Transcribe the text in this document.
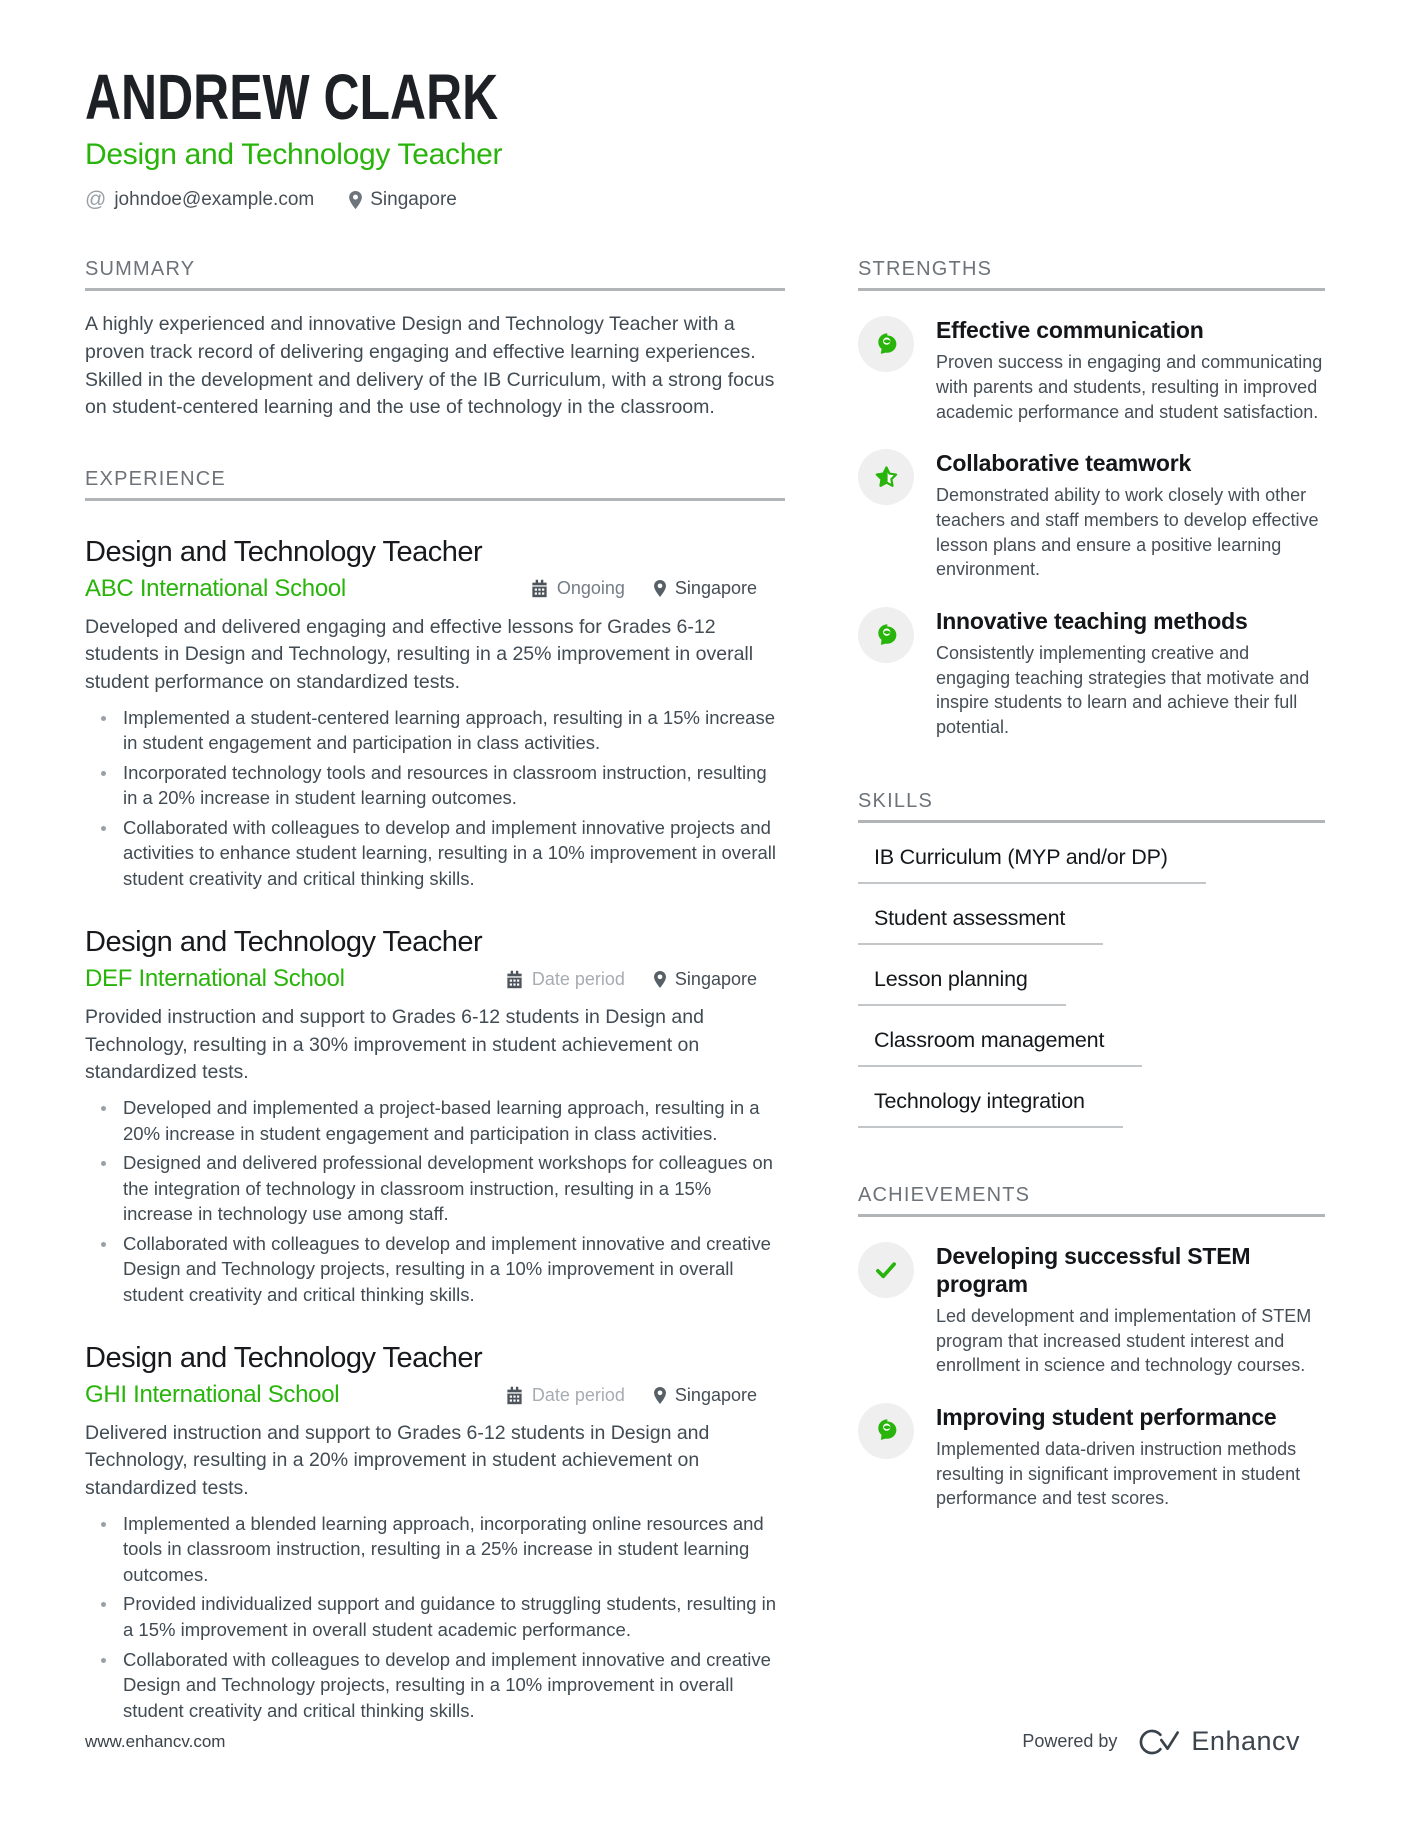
ANDREW CLARK
Design and Technology Teacher
@ johndoe@example.com	Singapore
SUMMARY
A highly experienced and innovative Design and Technology Teacher with a proven track record of delivering engaging and effective learning experiences. Skilled in the development and delivery of the IB Curriculum, with a strong focus on student-centered learning and the use of technology in the classroom.
EXPERIENCE
Design and Technology Teacher
ABC International School	Ongoing	Singapore
Developed and delivered engaging and effective lessons for Grades 6-12 students in Design and Technology, resulting in a 25% improvement in overall student performance on standardized tests.
Implemented a student-centered learning approach, resulting in a 15% increase in student engagement and participation in class activities.
Incorporated technology tools and resources in classroom instruction, resulting in a 20% increase in student learning outcomes.
Collaborated with colleagues to develop and implement innovative projects and activities to enhance student learning, resulting in a 10% improvement in overall student creativity and critical thinking skills.
Design and Technology Teacher
DEF International School	Date period	Singapore
Provided instruction and support to Grades 6-12 students in Design and Technology, resulting in a 30% improvement in student achievement on standardized tests.
Developed and implemented a project-based learning approach, resulting in a 20% increase in student engagement and participation in class activities.
Designed and delivered professional development workshops for colleagues on the integration of technology in classroom instruction, resulting in a 15% increase in technology use among staff.
Collaborated with colleagues to develop and implement innovative and creative Design and Technology projects, resulting in a 10% improvement in overall student creativity and critical thinking skills.
Design and Technology Teacher
GHI International School	Date period	Singapore
Delivered instruction and support to Grades 6-12 students in Design and Technology, resulting in a 20% improvement in student achievement on standardized tests.
Implemented a blended learning approach, incorporating online resources and tools in classroom instruction, resulting in a 25% increase in student learning outcomes.
Provided individualized support and guidance to struggling students, resulting in a 15% improvement in overall student academic performance.
Collaborated with colleagues to develop and implement innovative and creative Design and Technology projects, resulting in a 10% improvement in overall student creativity and critical thinking skills.
STRENGTHS
Effective communication
Proven success in engaging and communicating with parents and students, resulting in improved academic performance and student satisfaction.
Collaborative teamwork
Demonstrated ability to work closely with other teachers and staff members to develop effective lesson plans and ensure a positive learning environment.
Innovative teaching methods
Consistently implementing creative and engaging teaching strategies that motivate and inspire students to learn and achieve their full potential.
SKILLS
IB Curriculum (MYP and/or DP)
Student assessment
Lesson planning
Classroom management
Technology integration
ACHIEVEMENTS
Developing successful STEM program
Led development and implementation of STEM program that increased student interest and enrollment in science and technology courses.
Improving student performance
Implemented data-driven instruction methods resulting in significant improvement in student performance and test scores.
www.enhancv.com	Powered by	Enhancv
